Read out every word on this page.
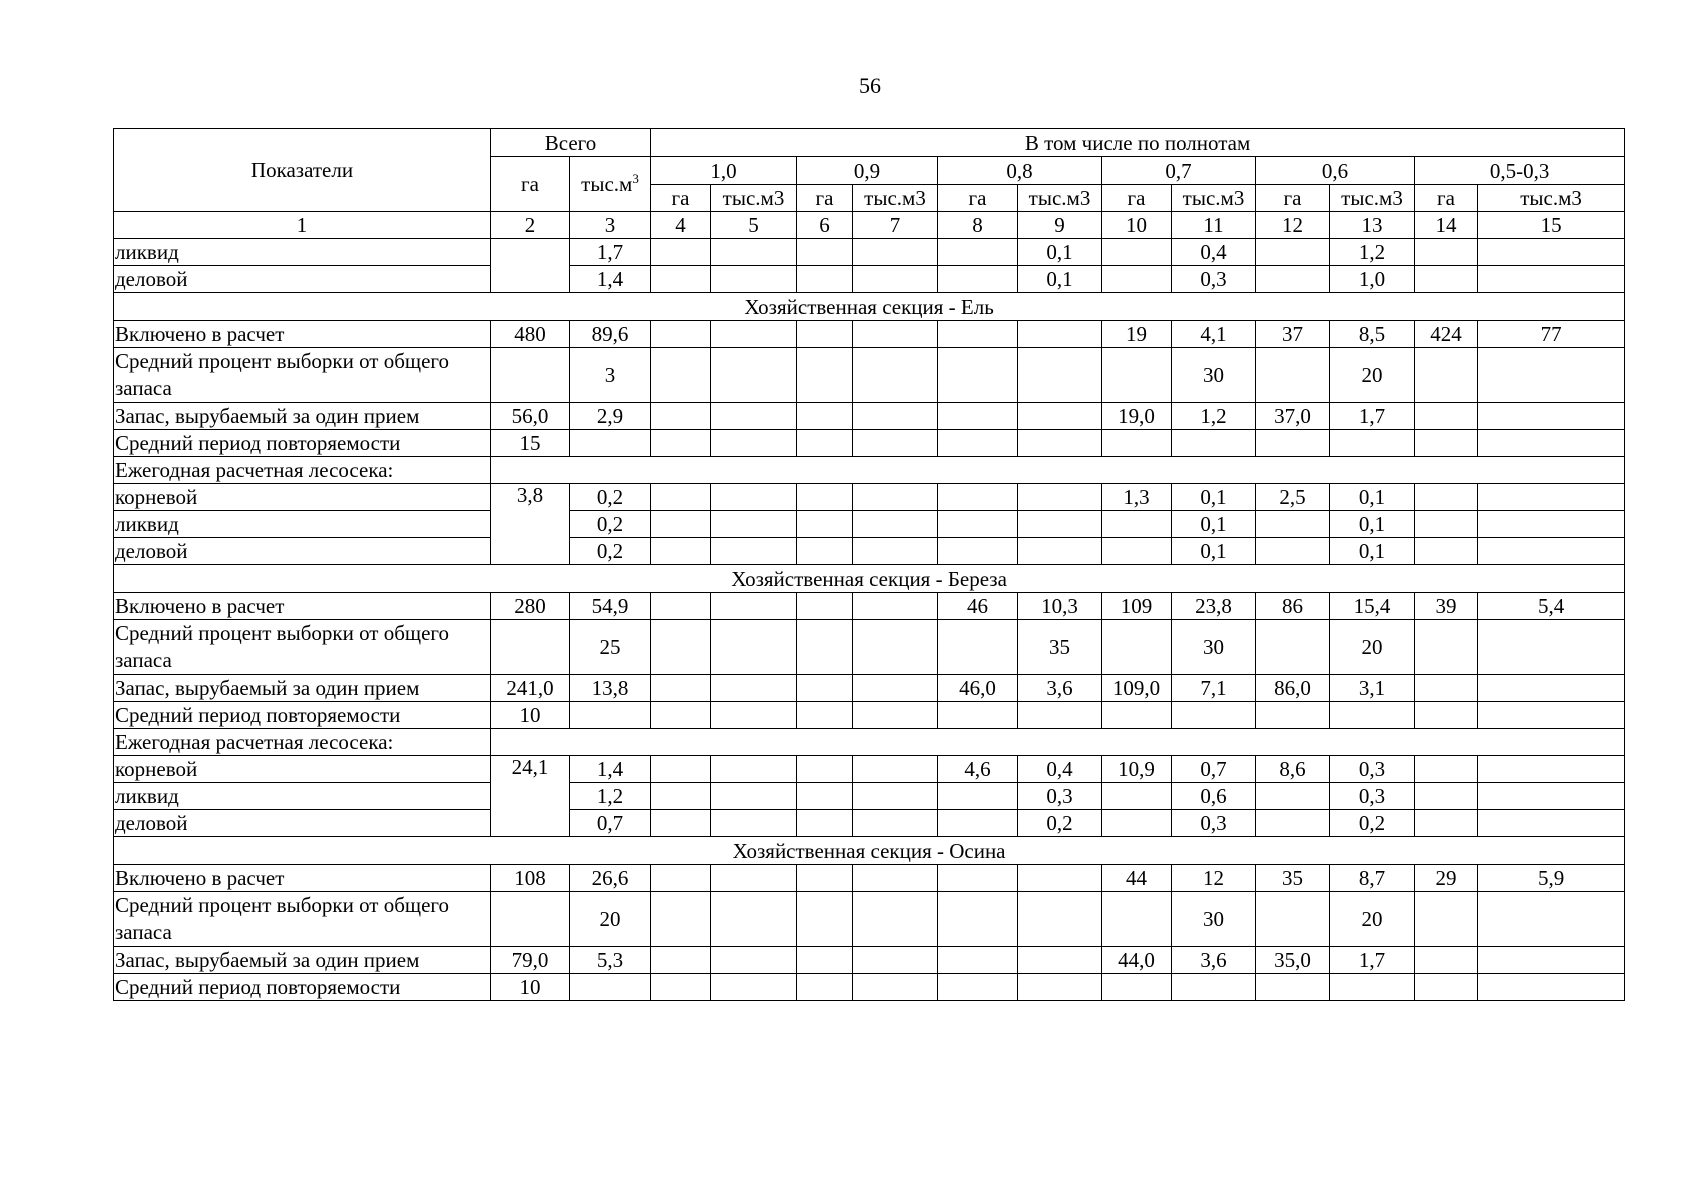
56
Показатели	Всего		В том числе по полнотам											
	га	$тыс.м^3$	1,0		0,9		0,8		0,7		0,6		0,5-0,3	
			га	тыс.м3	га	тыс.м3	га	тыс.м3	га	тыс.м3	га	тыс.м3	га	тыс.м3
1	2	3	4	5	6	7	8	9	10	11	12	13	14	15
ликвид		1,7						0,1		0,4		1,2		
деловой		1,4						0,1		0,3		1,0		
Хозяйственная секция - Ель														
Включено в расчет	480	89,6							19	4,1	37	8,5	424	77
Средний процент выборки от общего запаса		3								30		20		
Запас, вырубаемый за один прием	56,0	2,9							19,0	1,2	37,0	1,7		
Средний период повторяемости	15													
Ежегодная расчетная лесосека:														
корневой	3,8	0,2							1,3	0,1	2,5	0,1		
ликвид		0,2								0,1		0,1		
деловой		0,2								0,1		0,1		
Хозяйственная секция - Береза														
Включено в расчет	280	54,9					46	10,3	109	23,8	86	15,4	39	5,4
Средний процент выборки от общего запаса		25						35		30		20		
Запас, вырубаемый за один прием	241,0	13,8					46,0	3,6	109,0	7,1	86,0	3,1		
Средний период повторяемости	10													
Ежегодная расчетная лесосека:														
корневой	24,1	1,4					4,6	0,4	10,9	0,7	8,6	0,3		
ликвид		1,2						0,3		0,6		0,3		
деловой		0,7						0,2		0,3		0,2		
Хозяйственная секция - Осина														
Включено в расчет	108	26,6							44	12	35	8,7	29	5,9
Средний процент выборки от общего запаса		20								30		20		
Запас, вырубаемый за один прием	79,0	5,3							44,0	3,6	35,0	1,7		
Средний период повторяемости	10													
